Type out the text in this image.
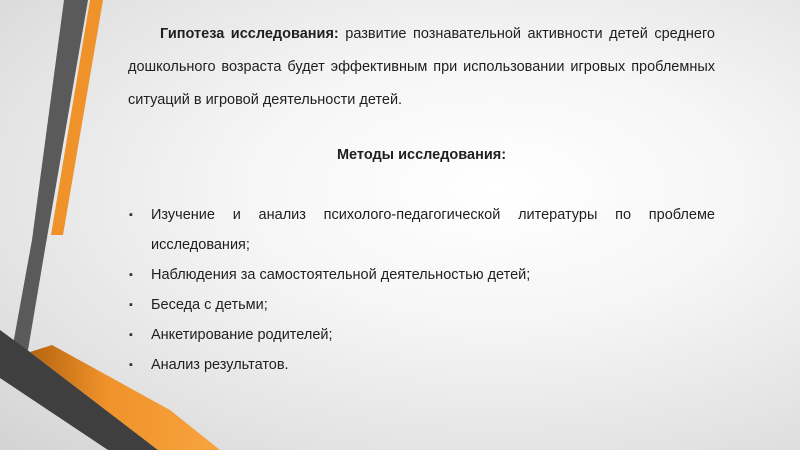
Гипотеза исследования: развитие познавательной активности детей среднего дошкольного возраста будет эффективным при использовании игровых проблемных ситуаций в игровой деятельности детей.

Методы исследования:

▪ Изучение и анализ психолого-педагогической литературы по проблеме исследования;
▪ Наблюдения за самостоятельной деятельностью детей;
▪ Беседа с детьми;
▪ Анкетирование родителей;
▪ Анализ результатов.
